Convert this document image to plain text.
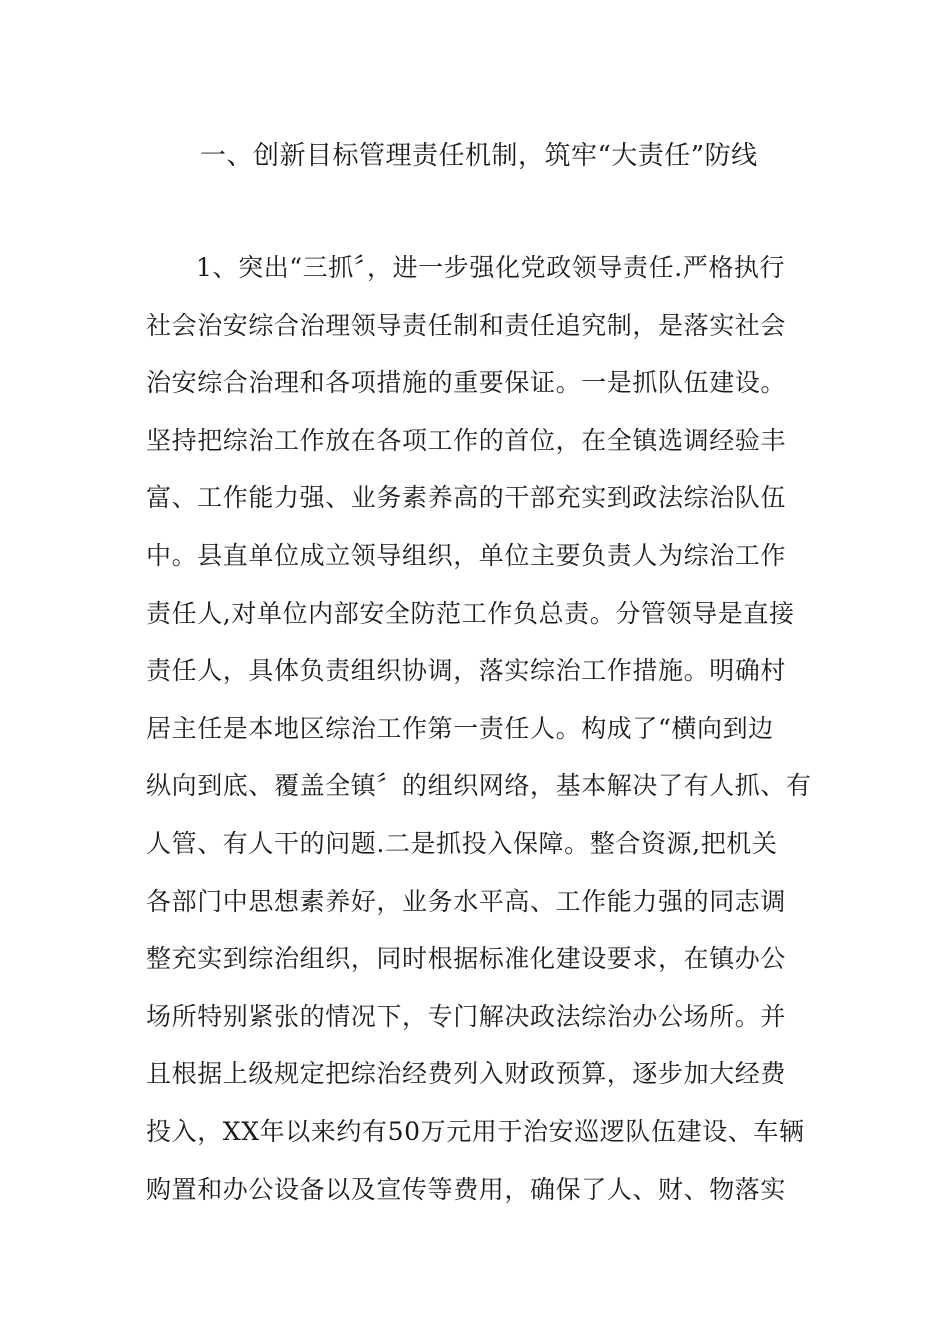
一、创新目标管理责任机制，筑牢“大责任”防线
1、突出“三抓〞，进一步强化党政领导责任.严格执行
社会治安综合治理领导责任制和责任追究制，是落实社会
治安综合治理和各项措施的重要保证。一是抓队伍建设。
坚持把综治工作放在各项工作的首位，在全镇选调经验丰
富、工作能力强、业务素养高的干部充实到政法综治队伍
中。县直单位成立领导组织，单位主要负责人为综治工作
责任人,对单位内部安全防范工作负总责。分管领导是直接
责任人，具体负责组织协调，落实综治工作措施。明确村
居主任是本地区综治工作第一责任人。构成了“横向到边
纵向到底、覆盖全镇〞的组织网络，基本解决了有人抓、有
人管、有人干的问题.二是抓投入保障。整合资源,把机关
各部门中思想素养好，业务水平高、工作能力强的同志调
整充实到综治组织，同时根据标准化建设要求，在镇办公
场所特别紧张的情况下，专门解决政法综治办公场所。并
且根据上级规定把综治经费列入财政预算，逐步加大经费
投入，XX年以来约有50万元用于治安巡逻队伍建设、车辆
购置和办公设备以及宣传等费用，确保了人、财、物落实
